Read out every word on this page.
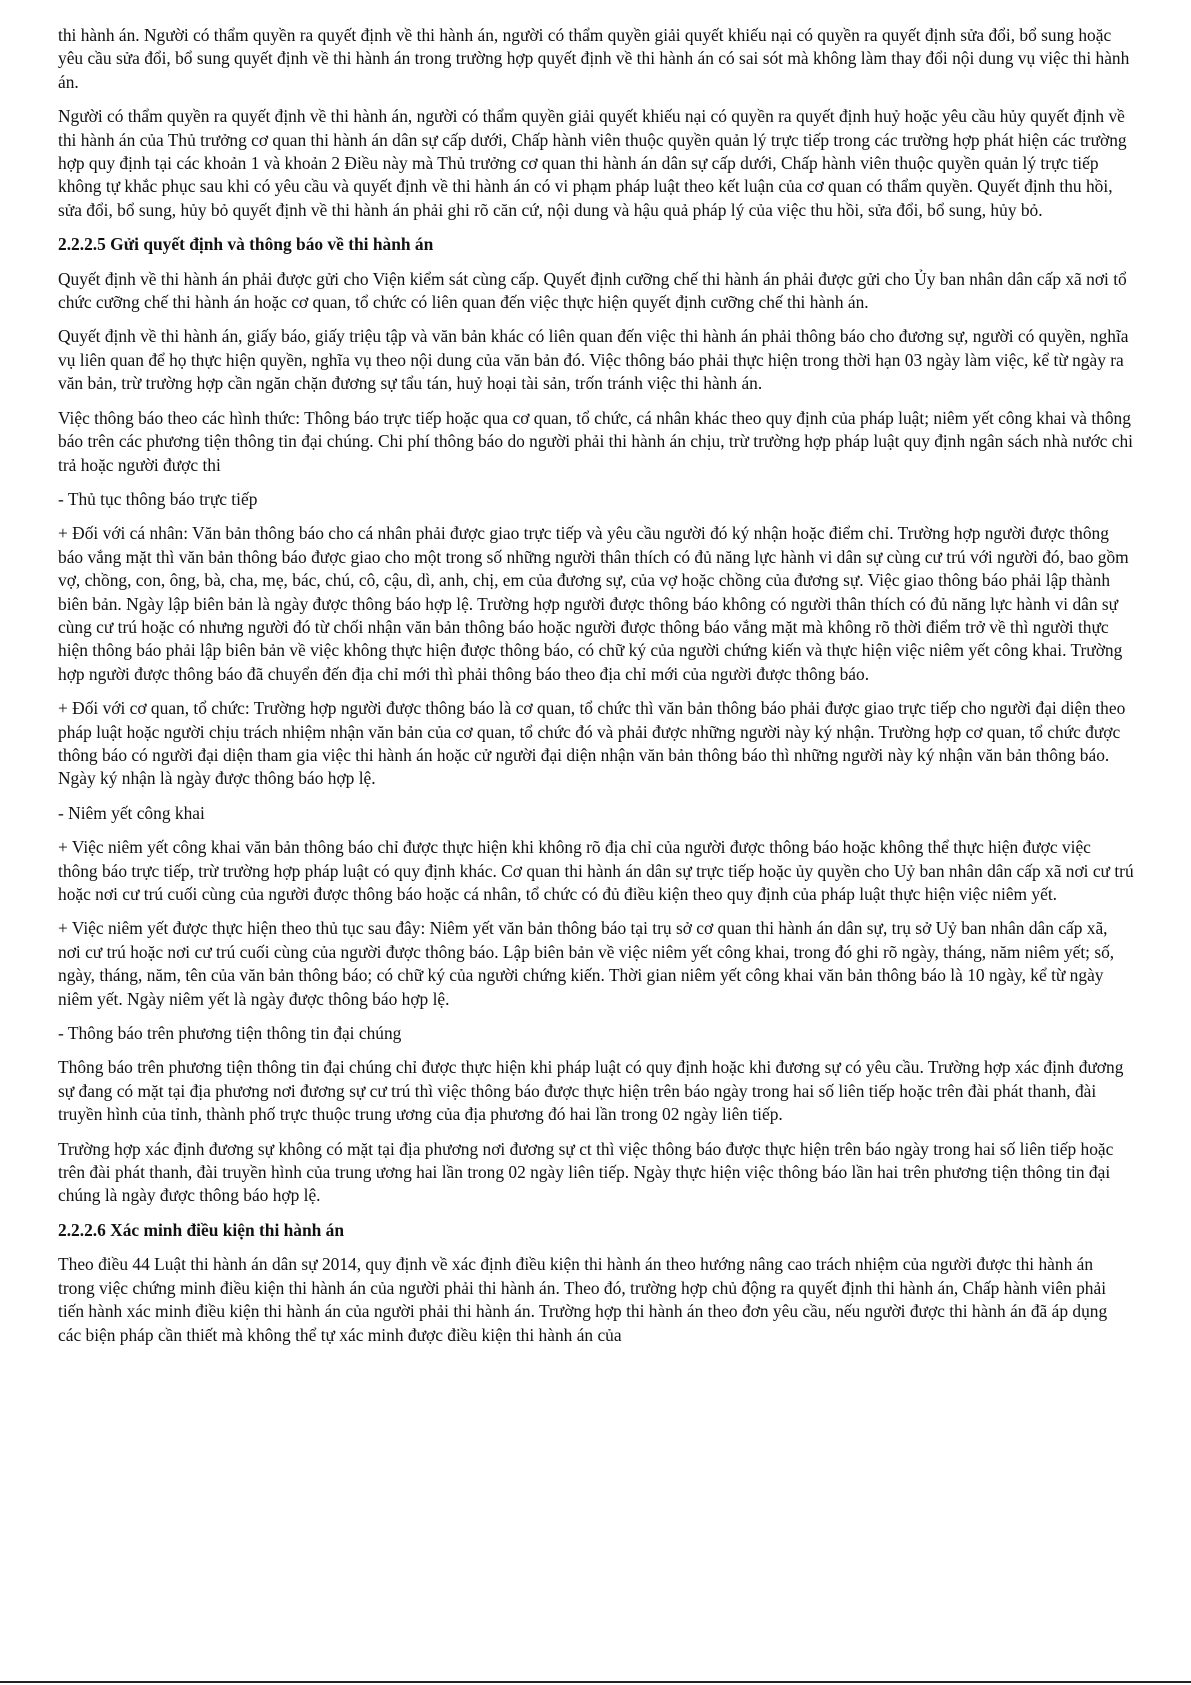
thi hành án. Người có thẩm quyền ra quyết định về thi hành án, người có thẩm quyền giải quyết khiếu nại có quyền ra quyết định sửa đổi, bổ sung hoặc yêu cầu sửa đổi, bổ sung quyết định về thi hành án trong trường hợp quyết định về thi hành án có sai sót mà không làm thay đổi nội dung vụ việc thi hành án.

Người có thẩm quyền ra quyết định về thi hành án, người có thẩm quyền giải quyết khiếu nại có quyền ra quyết định huỷ hoặc yêu cầu hủy quyết định về thi hành án của Thủ trưởng cơ quan thi hành án dân sự cấp dưới, Chấp hành viên thuộc quyền quản lý trực tiếp trong các trường hợp phát hiện các trường hợp quy định tại các khoản 1 và khoản 2 Điều này mà Thủ trưởng cơ quan thi hành án dân sự cấp dưới, Chấp hành viên thuộc quyền quản lý trực tiếp không tự khắc phục sau khi có yêu cầu và quyết định về thi hành án có vi phạm pháp luật theo kết luận của cơ quan có thẩm quyền. Quyết định thu hồi, sửa đổi, bổ sung, hủy bỏ quyết định về thi hành án phải ghi rõ căn cứ, nội dung và hậu quả pháp lý của việc thu hồi, sửa đổi, bổ sung, hủy bỏ.

2.2.2.5 Gửi quyết định và thông báo về thi hành án

Quyết định về thi hành án phải được gửi cho Viện kiểm sát cùng cấp. Quyết định cưỡng chế thi hành án phải được gửi cho Ủy ban nhân dân cấp xã nơi tổ chức cưỡng chế thi hành án hoặc cơ quan, tổ chức có liên quan đến việc thực hiện quyết định cưỡng chế thi hành án.

Quyết định về thi hành án, giấy báo, giấy triệu tập và văn bản khác có liên quan đến việc thi hành án phải thông báo cho đương sự, người có quyền, nghĩa vụ liên quan để họ thực hiện quyền, nghĩa vụ theo nội dung của văn bản đó. Việc thông báo phải thực hiện trong thời hạn 03 ngày làm việc, kể từ ngày ra văn bản, trừ trường hợp cần ngăn chặn đương sự tẩu tán, huỷ hoại tài sản, trốn tránh việc thi hành án.

Việc thông báo theo các hình thức: Thông báo trực tiếp hoặc qua cơ quan, tổ chức, cá nhân khác theo quy định của pháp luật; niêm yết công khai và thông báo trên các phương tiện thông tin đại chúng. Chi phí thông báo do người phải thi hành án chịu, trừ trường hợp pháp luật quy định ngân sách nhà nước chi trả hoặc người được thi

- Thủ tục thông báo trực tiếp

+ Đối với cá nhân: Văn bản thông báo cho cá nhân phải được giao trực tiếp và yêu cầu người đó ký nhận hoặc điểm chỉ. Trường hợp người được thông báo vắng mặt thì văn bản thông báo được giao cho một trong số những người thân thích có đủ năng lực hành vi dân sự cùng cư trú với người đó, bao gồm vợ, chồng, con, ông, bà, cha, mẹ, bác, chú, cô, cậu, dì, anh, chị, em của đương sự, của vợ hoặc chồng của đương sự. Việc giao thông báo phải lập thành biên bản. Ngày lập biên bản là ngày được thông báo hợp lệ. Trường hợp người được thông báo không có người thân thích có đủ năng lực hành vi dân sự cùng cư trú hoặc có nhưng người đó từ chối nhận văn bản thông báo hoặc người được thông báo vắng mặt mà không rõ thời điểm trở về thì người thực hiện thông báo phải lập biên bản về việc không thực hiện được thông báo, có chữ ký của người chứng kiến và thực hiện việc niêm yết công khai. Trường hợp người được thông báo đã chuyển đến địa chỉ mới thì phải thông báo theo địa chỉ mới của người được thông báo.

+ Đối với cơ quan, tổ chức: Trường hợp người được thông báo là cơ quan, tổ chức thì văn bản thông báo phải được giao trực tiếp cho người đại diện theo pháp luật hoặc người chịu trách nhiệm nhận văn bản của cơ quan, tổ chức đó và phải được những người này ký nhận. Trường hợp cơ quan, tổ chức được thông báo có người đại diện tham gia việc thi hành án hoặc cử người đại diện nhận văn bản thông báo thì những người này ký nhận văn bản thông báo. Ngày ký nhận là ngày được thông báo hợp lệ.

- Niêm yết công khai

+ Việc niêm yết công khai văn bản thông báo chỉ được thực hiện khi không rõ địa chỉ của người được thông báo hoặc không thể thực hiện được việc thông báo trực tiếp, trừ trường hợp pháp luật có quy định khác. Cơ quan thi hành án dân sự trực tiếp hoặc ủy quyền cho Uỷ ban nhân dân cấp xã nơi cư trú hoặc nơi cư trú cuối cùng của người được thông báo hoặc cá nhân, tổ chức có đủ điều kiện theo quy định của pháp luật thực hiện việc niêm yết.

+ Việc niêm yết được thực hiện theo thủ tục sau đây: Niêm yết văn bản thông báo tại trụ sở cơ quan thi hành án dân sự, trụ sở Uỷ ban nhân dân cấp xã, nơi cư trú hoặc nơi cư trú cuối cùng của người được thông báo. Lập biên bản về việc niêm yết công khai, trong đó ghi rõ ngày, tháng, năm niêm yết; số, ngày, tháng, năm, tên của văn bản thông báo; có chữ ký của người chứng kiến. Thời gian niêm yết công khai văn bản thông báo là 10 ngày, kể từ ngày niêm yết. Ngày niêm yết là ngày được thông báo hợp lệ.

- Thông báo trên phương tiện thông tin đại chúng

Thông báo trên phương tiện thông tin đại chúng chỉ được thực hiện khi pháp luật có quy định hoặc khi đương sự có yêu cầu. Trường hợp xác định đương sự đang có mặt tại địa phương nơi đương sự cư trú thì việc thông báo được thực hiện trên báo ngày trong hai số liên tiếp hoặc trên đài phát thanh, đài truyền hình của tỉnh, thành phố trực thuộc trung ương của địa phương đó hai lần trong 02 ngày liên tiếp.

Trường hợp xác định đương sự không có mặt tại địa phương nơi đương sự ct thì việc thông báo được thực hiện trên báo ngày trong hai số liên tiếp hoặc trên đài phát thanh, đài truyền hình của trung ương hai lần trong 02 ngày liên tiếp. Ngày thực hiện việc thông báo lần hai trên phương tiện thông tin đại chúng là ngày được thông báo hợp lệ.

2.2.2.6 Xác minh điều kiện thi hành án

Theo điều 44 Luật thi hành án dân sự 2014, quy định về xác định điều kiện thi hành án theo hướng nâng cao trách nhiệm của người được thi hành án trong việc chứng minh điều kiện thi hành án của người phải thi hành án. Theo đó, trường hợp chủ động ra quyết định thi hành án, Chấp hành viên phải tiến hành xác minh điều kiện thi hành án của người phải thi hành án. Trường hợp thi hành án theo đơn yêu cầu, nếu người được thi hành án đã áp dụng các biện pháp cần thiết mà không thể tự xác minh được điều kiện thi hành án của
